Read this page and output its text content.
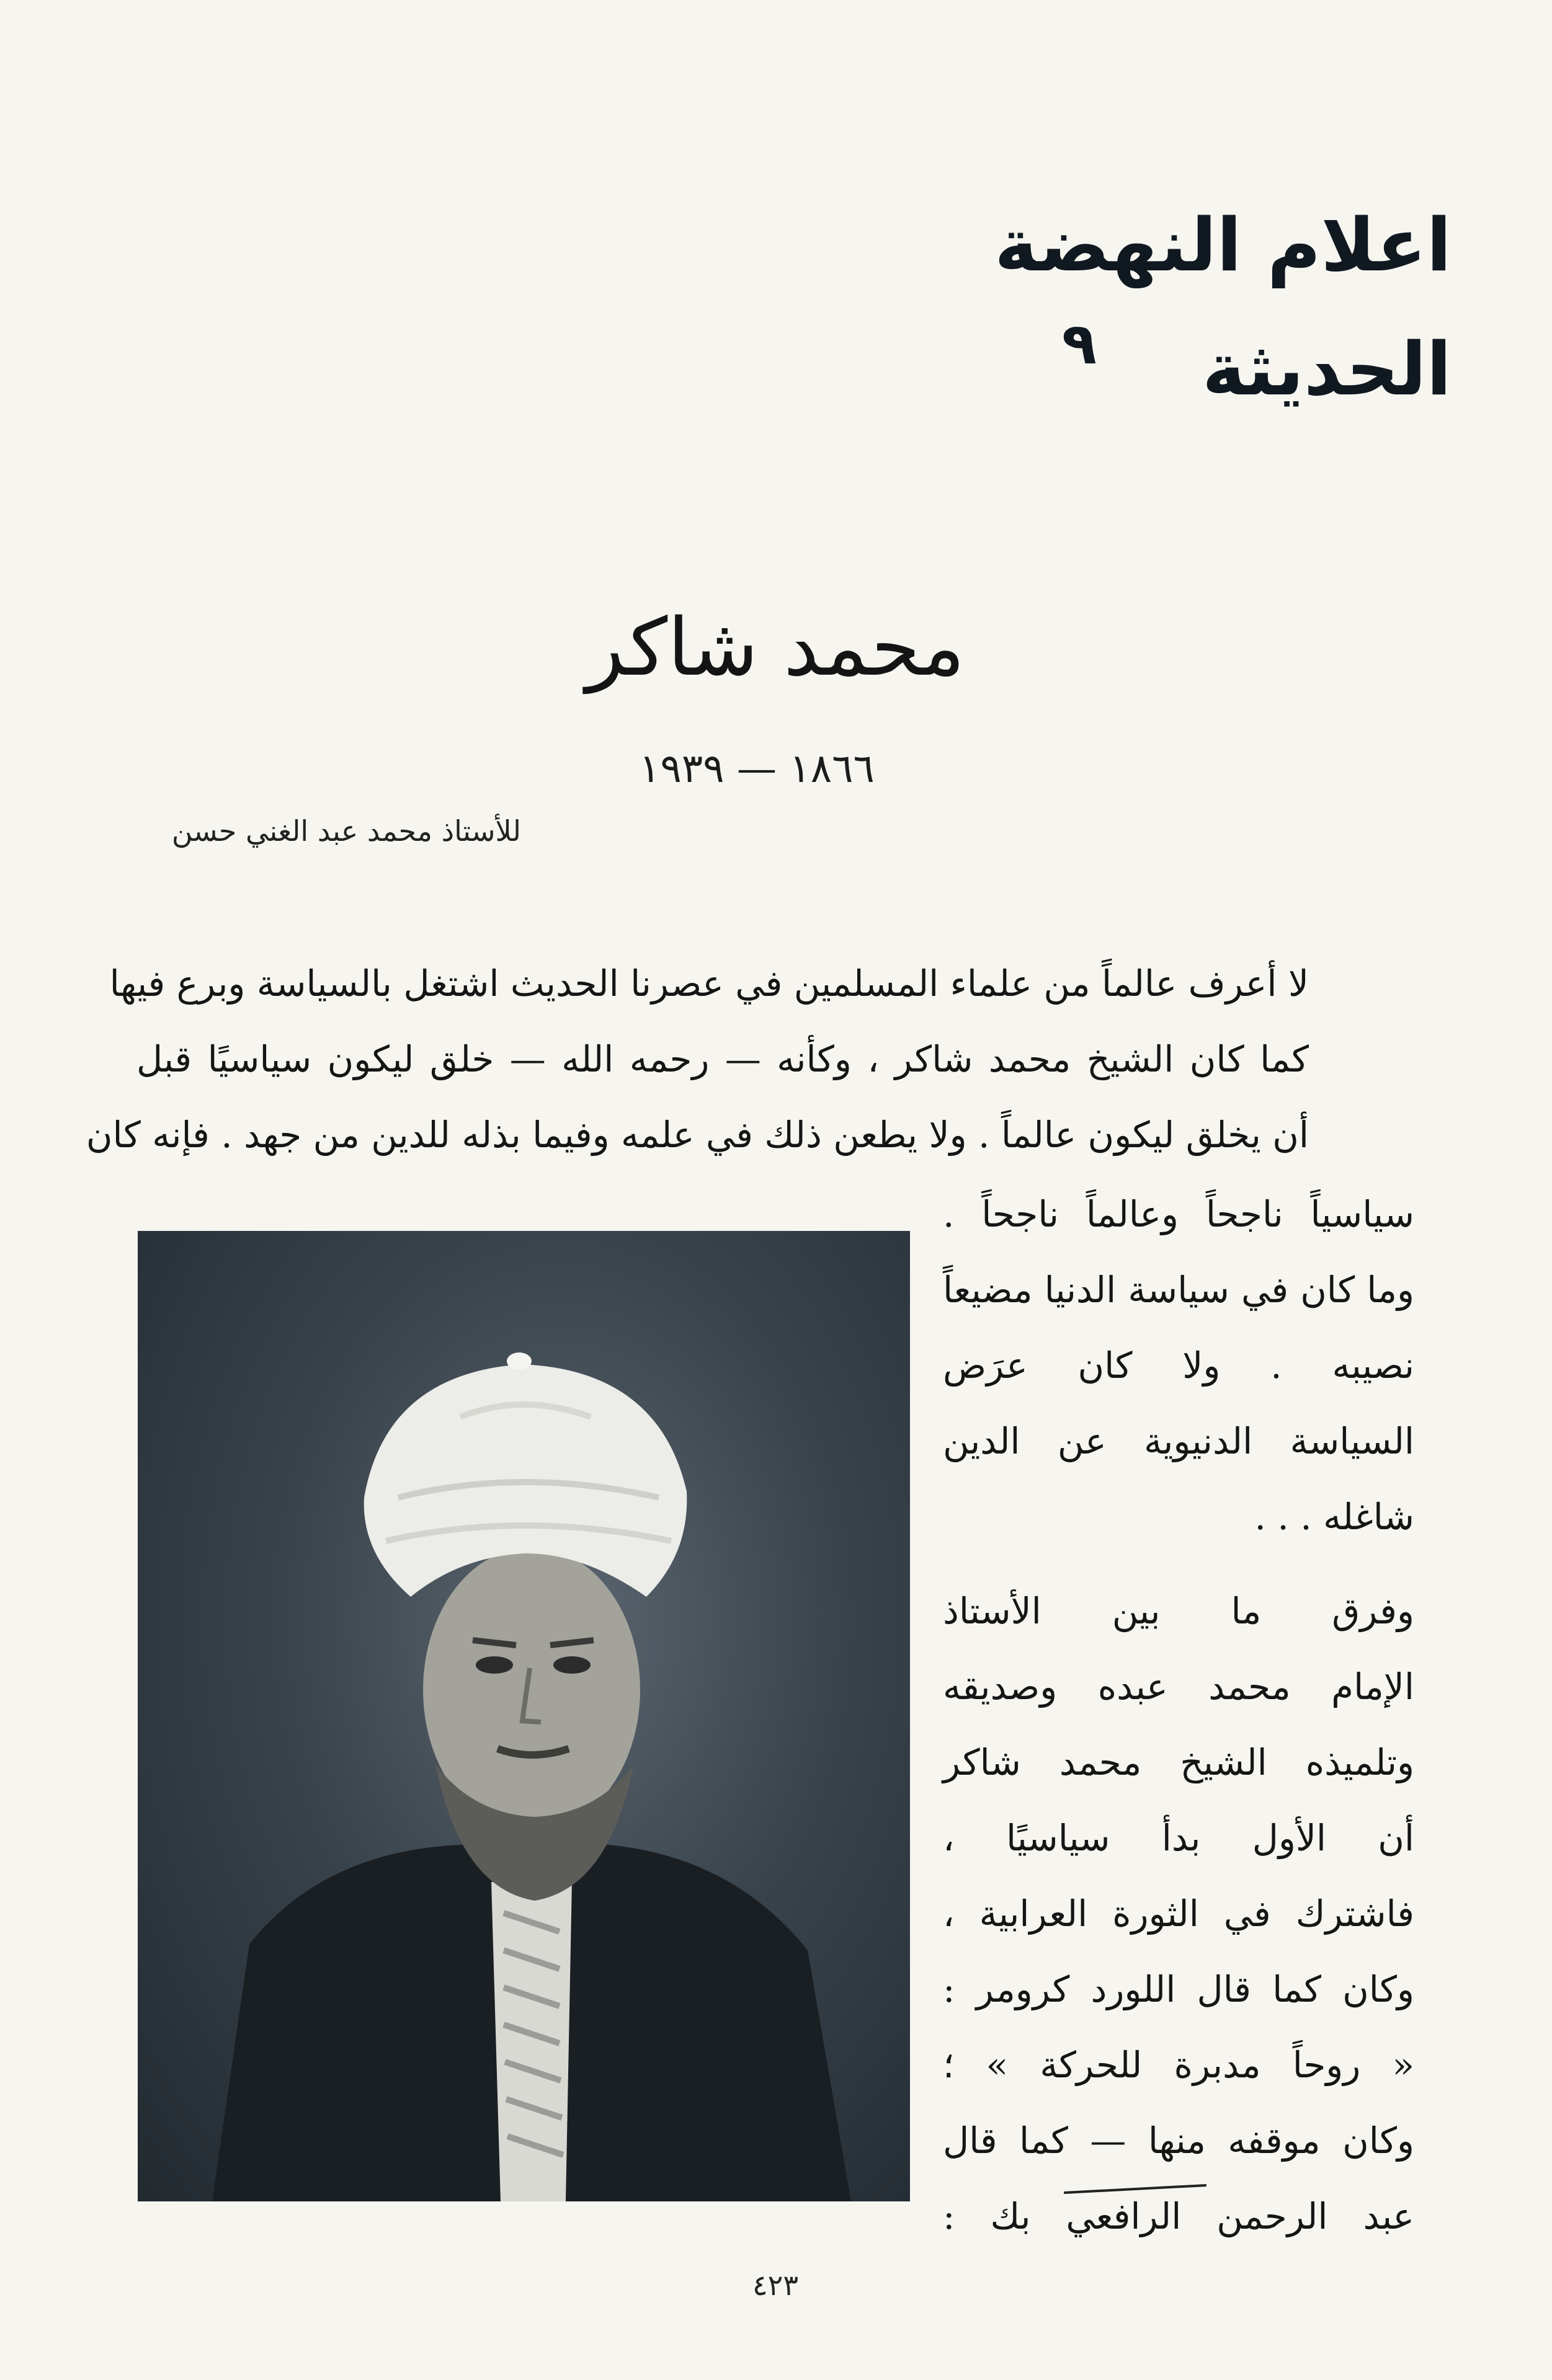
اعلام النهضة الحديثة
٩
محمد شاكر
١٨٦٦ — ١٩٣٩
للأستاذ محمد عبد الغني حسن
لا أعرف عالماً من علماء المسلمين في عصرنا الحديث اشتغل بالسياسة وبرع فيها
كما كان الشيخ محمد شاكر ، وكأنه — رحمه الله — خلق ليكون سياسيًا قبل
أن يخلق ليكون عالماً . ولا يطعن ذلك في علمه وفيما بذله للدين من جهد . فإنه كان
سياسياً ناجحاً وعالماً ناجحاً .
وما كان في سياسة الدنيا مضيعاً
نصيبه . ولا كان عرَض
السياسة الدنيوية عن الدين
شاغله . . .
وفرق ما بين الأستاذ
الإمام محمد عبده وصديقه
وتلميذه الشيخ محمد شاكر
أن الأول بدأ سياسيًا ،
فاشترك في الثورة العرابية ،
وكان كما قال اللورد كرومر :
« روحاً مدبرة للحركة » ؛
وكان موقفه منها — كما قال
عبد الرحمن الرافعي بك :
٤٢٣
